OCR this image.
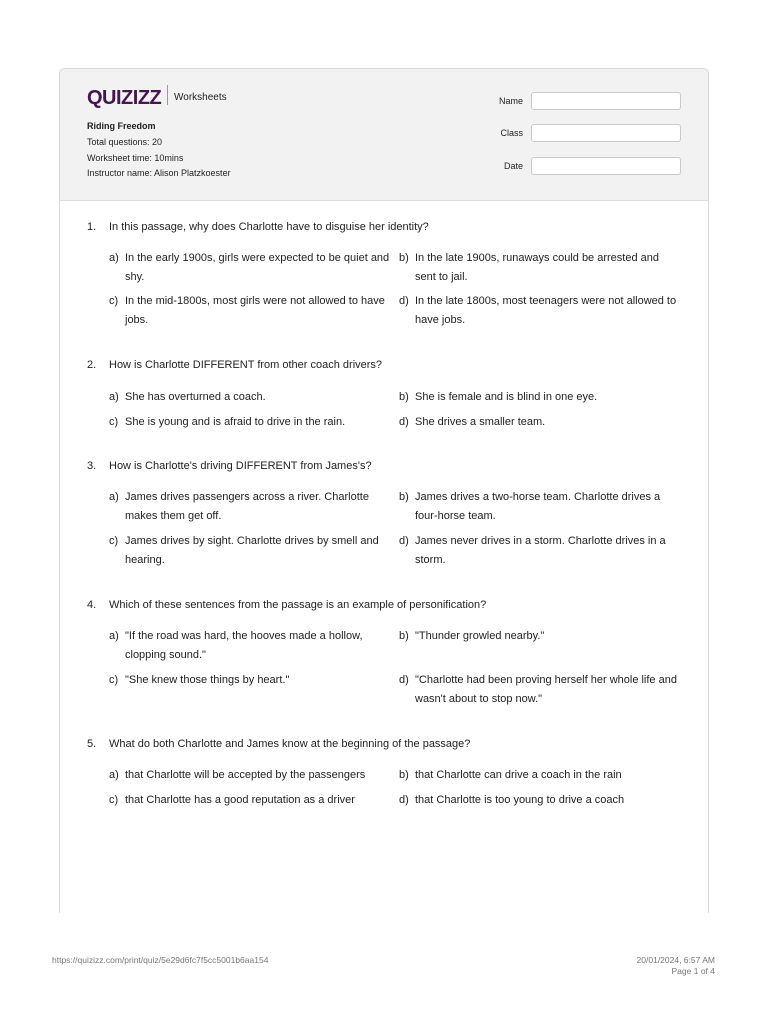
QUIZIZZ Worksheets
Riding Freedom
Total questions: 20
Worksheet time: 10mins
Instructor name: Alison Platzkoester
Name
Class
Date
1. In this passage, why does Charlotte have to disguise her identity?
a) In the early 1900s, girls were expected to be quiet and shy.
b) In the late 1900s, runaways could be arrested and sent to jail.
c) In the mid-1800s, most girls were not allowed to have jobs.
d) In the late 1800s, most teenagers were not allowed to have jobs.
2. How is Charlotte DIFFERENT from other coach drivers?
a) She has overturned a coach.	b) She is female and is blind in one eye.
c) She is young and is afraid to drive in the rain.	d) She drives a smaller team.
3. How is Charlotte's driving DIFFERENT from James's?
a) James drives passengers across a river. Charlotte makes them get off.
b) James drives a two-horse team. Charlotte drives a four-horse team.
c) James drives by sight. Charlotte drives by smell and hearing.
d) James never drives in a storm. Charlotte drives in a storm.
4. Which of these sentences from the passage is an example of personification?
a) "If the road was hard, the hooves made a hollow, clopping sound."
b) "Thunder growled nearby."
c) "She knew those things by heart."	d) "Charlotte had been proving herself her whole life and wasn't about to stop now."
5. What do both Charlotte and James know at the beginning of the passage?
a) that Charlotte will be accepted by the passengers	b) that Charlotte can drive a coach in the rain
c) that Charlotte has a good reputation as a driver	d) that Charlotte is too young to drive a coach
https://quizizz.com/print/quiz/5e29d6fc7f5cc5001b6aa154	20/01/2024, 6:57 AM
Page 1 of 4
